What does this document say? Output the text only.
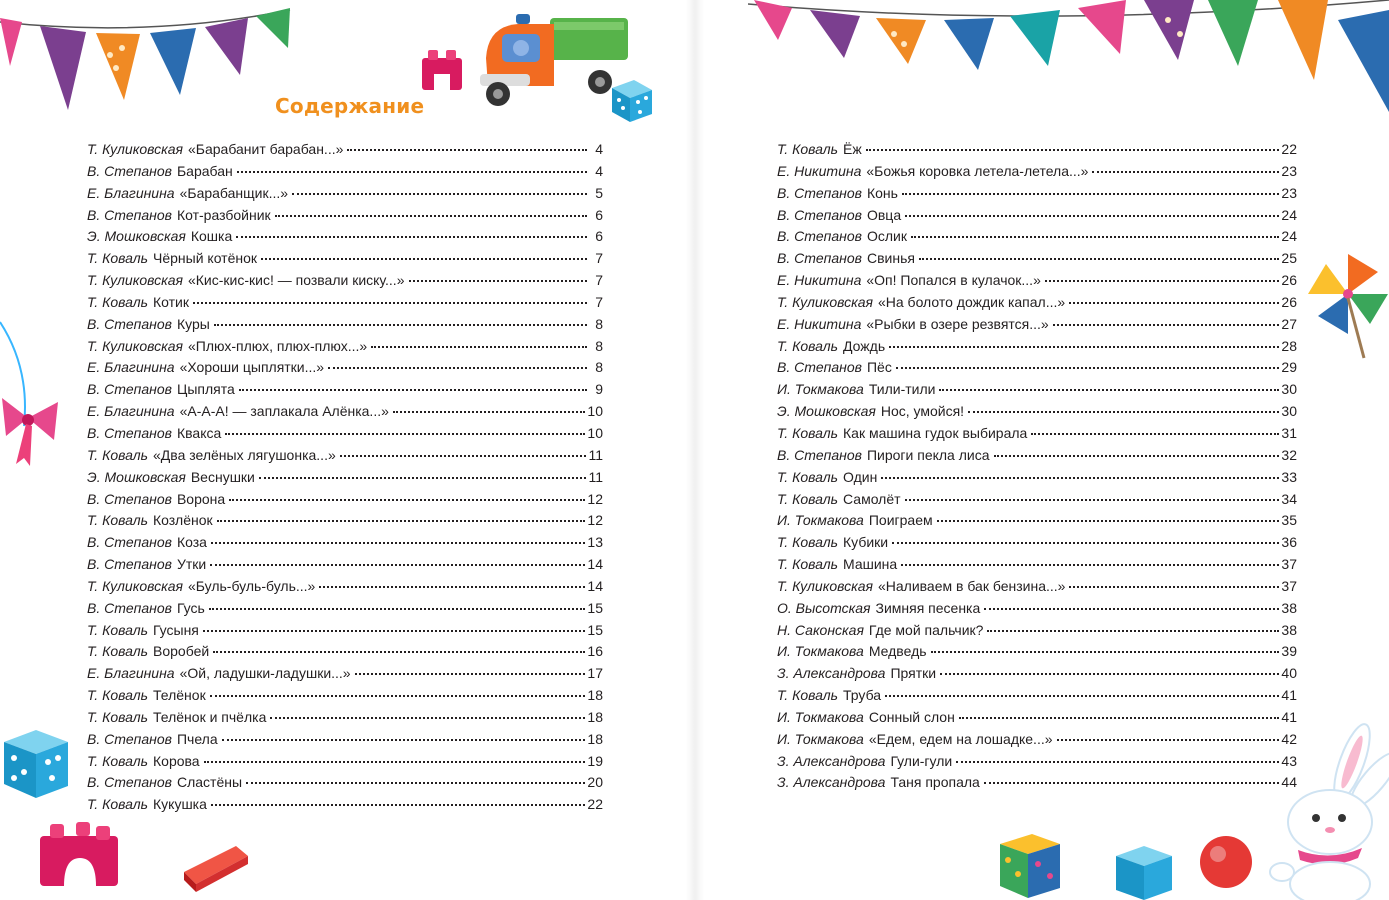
Содержание
Т. Куликовская «Барабанит барабан...»	4
В. Степанов Барабан	4
Е. Благинина «Барабанщик...»	5
В. Степанов Кот-разбойник	6
Э. Мошковская Кошка	6
Т. Коваль Чёрный котёнок	7
Т. Куликовская «Кис-кис-кис! — позвали киску...»	7
Т. Коваль Котик	7
В. Степанов Куры	8
Т. Куликовская «Плюх-плюх, плюх-плюх...»	8
Е. Благинина «Хороши цыплятки...»	8
В. Степанов Цыплята	9
Е. Благинина «А-А-А! — заплакала Алёнка...»	10
В. Степанов Квакса	10
Т. Коваль «Два зелёных лягушонка...»	11
Э. Мошковская Веснушки	11
В. Степанов Ворона	12
Т. Коваль Козлёнок	12
В. Степанов Коза	13
В. Степанов Утки	14
Т. Куликовская «Буль-буль-буль...»	14
В. Степанов Гусь	15
Т. Коваль Гусыня	15
Т. Коваль Воробей	16
Е. Благинина «Ой, ладушки-ладушки...»	17
Т. Коваль Телёнок	18
Т. Коваль Телёнок и пчёлка	18
В. Степанов Пчела	18
Т. Коваль Корова	19
В. Степанов Сластёны	20
Т. Коваль Кукушка	22
Т. Коваль Ёж	22
Е. Никитина «Божья коровка летела-летела...»	23
В. Степанов Конь	23
В. Степанов Овца	24
В. Степанов Ослик	24
В. Степанов Свинья	25
Е. Никитина «Оп! Попался в кулачок...»	26
Т. Куликовская «На болото дождик капал...»	26
Е. Никитина «Рыбки в озере резвятся...»	27
Т. Коваль Дождь	28
В. Степанов Пёс	29
И. Токмакова Тили-тили	30
Э. Мошковская Нос, умойся!	30
Т. Коваль Как машина гудок выбирала	31
В. Степанов Пироги пекла лиса	32
Т. Коваль Один	33
Т. Коваль Самолёт	34
И. Токмакова Поиграем	35
Т. Коваль Кубики	36
Т. Коваль Машина	37
Т. Куликовская «Наливаем в бак бензина...»	37
О. Высотская Зимняя песенка	38
Н. Саконская Где мой пальчик?	38
И. Токмакова Медведь	39
З. Александрова Прятки	40
Т. Коваль Труба	41
И. Токмакова Сонный слон	41
И. Токмакова «Едем, едем на лошадке...»	42
З. Александрова Гули-гули	43
З. Александрова Таня пропала	44
